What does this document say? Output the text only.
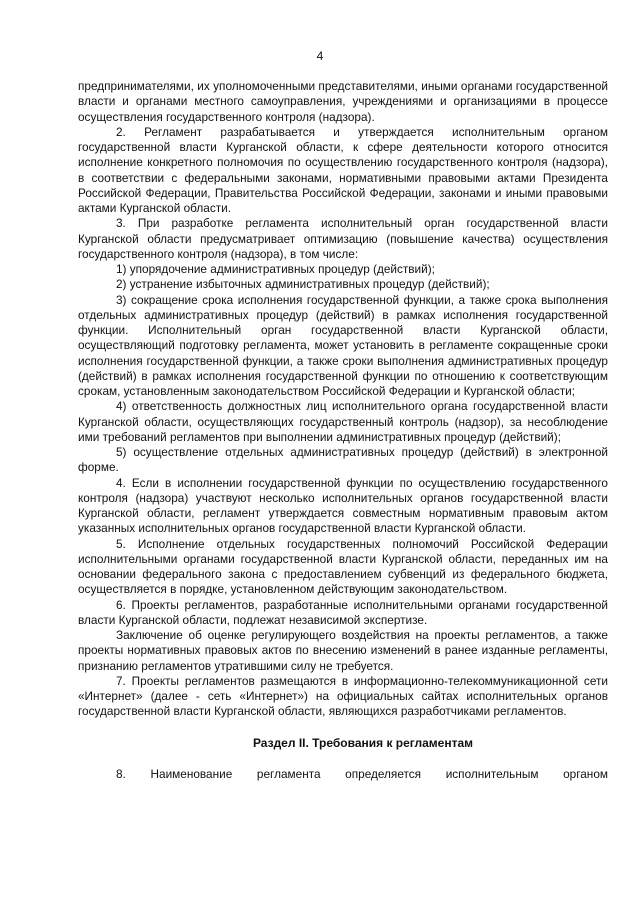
4

предпринимателями, их уполномоченными представителями, иными органами государственной власти и органами местного самоуправления, учреждениями и организациями в процессе осуществления государственного контроля (надзора).

2. Регламент разрабатывается и утверждается исполнительным органом государственной власти Курганской области, к сфере деятельности которого относится исполнение конкретного полномочия по осуществлению государственного контроля (надзора), в соответствии с федеральными законами, нормативными правовыми актами Президента Российской Федерации, Правительства Российской Федерации, законами и иными правовыми актами Курганской области.

3. При разработке регламента исполнительный орган государственной власти Курганской области предусматривает оптимизацию (повышение качества) осуществления государственного контроля (надзора), в том числе:

1) упорядочение административных процедур (действий);

2) устранение избыточных административных процедур (действий);

3) сокращение срока исполнения государственной функции, а также срока выполнения отдельных административных процедур (действий) в рамках исполнения государственной функции. Исполнительный орган государственной власти Курганской области, осуществляющий подготовку регламента, может установить в регламенте сокращенные сроки исполнения государственной функции, а также сроки выполнения административных процедур (действий) в рамках исполнения государственной функции по отношению к соответствующим срокам, установленным законодательством Российской Федерации и Курганской области;

4) ответственность должностных лиц исполнительного органа государственной власти Курганской области, осуществляющих государственный контроль (надзор), за несоблюдение ими требований регламентов при выполнении административных процедур (действий);

5) осуществление отдельных административных процедур (действий) в электронной форме.

4. Если в исполнении государственной функции по осуществлению государственного контроля (надзора) участвуют несколько исполнительных органов государственной власти Курганской области, регламент утверждается совместным нормативным правовым актом указанных исполнительных органов государственной власти Курганской области.

5. Исполнение отдельных государственных полномочий Российской Федерации исполнительными органами государственной власти Курганской области, переданных им на основании федерального закона с предоставлением субвенций из федерального бюджета, осуществляется в порядке, установленном действующим законодательством.

6. Проекты регламентов, разработанные исполнительными органами государственной власти Курганской области, подлежат независимой экспертизе.

Заключение об оценке регулирующего воздействия на проекты регламентов, а также проекты нормативных правовых актов по внесению изменений в ранее изданные регламенты, признанию регламентов утратившими силу не требуется.

7. Проекты регламентов размещаются в информационно-телекоммуникационной сети «Интернет» (далее - сеть «Интернет») на официальных сайтах исполнительных органов государственной власти Курганской области, являющихся разработчиками регламентов.

Раздел II. Требования к регламентам

8. Наименование регламента определяется исполнительным органом
